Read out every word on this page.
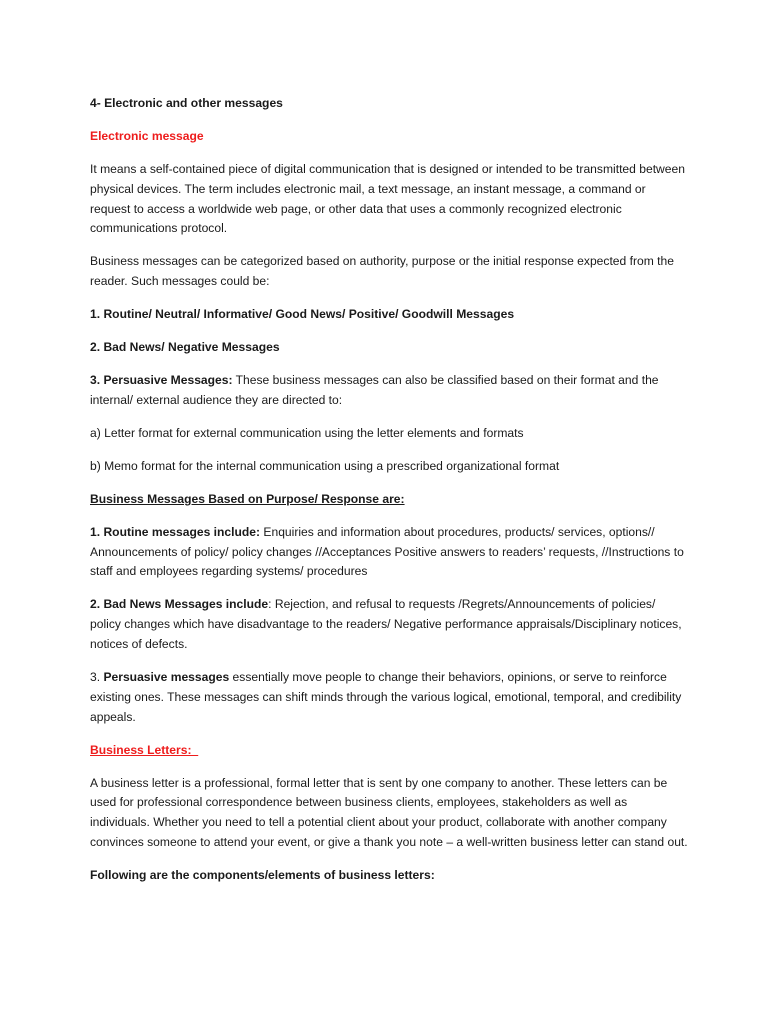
4- Electronic and other messages

Electronic message

It means a self-contained piece of digital communication that is designed or intended to be transmitted between physical devices. The term includes electronic mail, a text message, an instant message, a command or request to access a worldwide web page, or other data that uses a commonly recognized electronic communications protocol.

Business messages can be categorized based on authority, purpose or the initial response expected from the reader. Such messages could be:

1. Routine/ Neutral/ Informative/ Good News/ Positive/ Goodwill Messages

2. Bad News/ Negative Messages

3. Persuasive Messages: These business messages can also be classified based on their format and the internal/ external audience they are directed to:

a) Letter format for external communication using the letter elements and formats

b) Memo format for the internal communication using a prescribed organizational format

Business Messages Based on Purpose/ Response are:

1. Routine messages include: Enquiries and information about procedures, products/ services, options// Announcements of policy/ policy changes //Acceptances Positive answers to readers’ requests, //Instructions to staff and employees regarding systems/ procedures

2. Bad News Messages include: Rejection, and refusal to requests /Regrets/Announcements of policies/ policy changes which have disadvantage to the readers/ Negative performance appraisals/Disciplinary notices, notices of defects.

3. Persuasive messages essentially move people to change their behaviors, opinions, or serve to reinforce existing ones. These messages can shift minds through the various logical, emotional, temporal, and credibility appeals.

Business Letters:

A business letter is a professional, formal letter that is sent by one company to another. These letters can be used for professional correspondence between business clients, employees, stakeholders as well as individuals. Whether you need to tell a potential client about your product, collaborate with another company convinces someone to attend your event, or give a thank you note – a well-written business letter can stand out.

Following are the components/elements of business letters:
